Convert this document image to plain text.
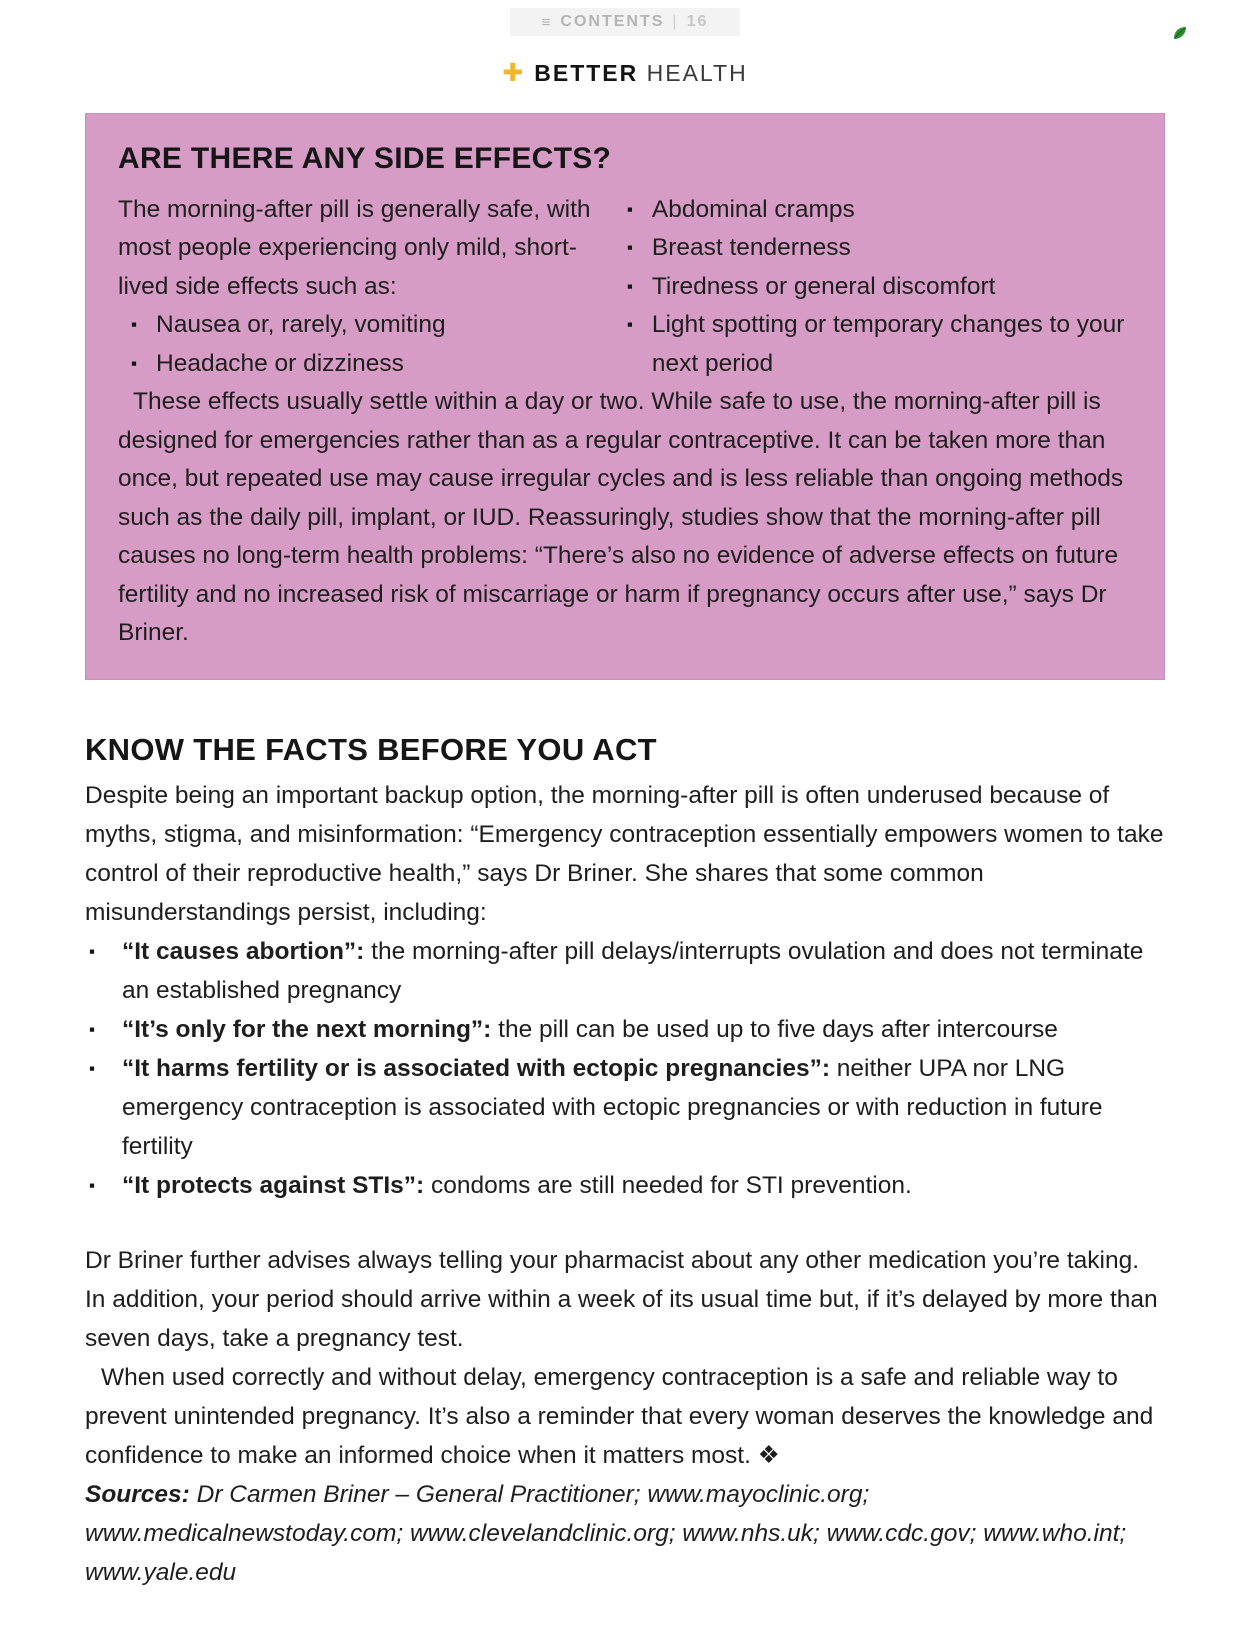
≡ CONTENTS | 16
✚ BETTER HEALTH
ARE THERE ANY SIDE EFFECTS?

The morning-after pill is generally safe, with most people experiencing only mild, short-lived side effects such as:

▪ Nausea or, rarely, vomiting
▪ Headache or dizziness
▪ Abdominal cramps
▪ Breast tenderness
▪ Tiredness or general discomfort
▪ Light spotting or temporary changes to your next period

These effects usually settle within a day or two. While safe to use, the morning-after pill is designed for emergencies rather than as a regular contraceptive. It can be taken more than once, but repeated use may cause irregular cycles and is less reliable than ongoing methods such as the daily pill, implant, or IUD. Reassuringly, studies show that the morning-after pill causes no long-term health problems: “There’s also no evidence of adverse effects on future fertility and no increased risk of miscarriage or harm if pregnancy occurs after use,” says Dr Briner.

KNOW THE FACTS BEFORE YOU ACT

Despite being an important backup option, the morning-after pill is often underused because of myths, stigma, and misinformation: “Emergency contraception essentially empowers women to take control of their reproductive health,” says Dr Briner. She shares that some common misunderstandings persist, including:

▪ “It causes abortion”: the morning-after pill delays/interrupts ovulation and does not terminate an established pregnancy
▪ “It’s only for the next morning”: the pill can be used up to five days after intercourse
▪ “It harms fertility or is associated with ectopic pregnancies”: neither UPA nor LNG emergency contraception is associated with ectopic pregnancies or with reduction in future fertility
▪ “It protects against STIs”: condoms are still needed for STI prevention.

Dr Briner further advises always telling your pharmacist about any other medication you’re taking. In addition, your period should arrive within a week of its usual time but, if it’s delayed by more than seven days, take a pregnancy test.

When used correctly and without delay, emergency contraception is a safe and reliable way to prevent unintended pregnancy. It’s also a reminder that every woman deserves the knowledge and confidence to make an informed choice when it matters most. ❖

Sources: Dr Carmen Briner – General Practitioner; www.mayoclinic.org; www.medicalnewstoday.com; www.clevelandclinic.org; www.nhs.uk; www.cdc.gov; www.who.int; www.yale.edu
